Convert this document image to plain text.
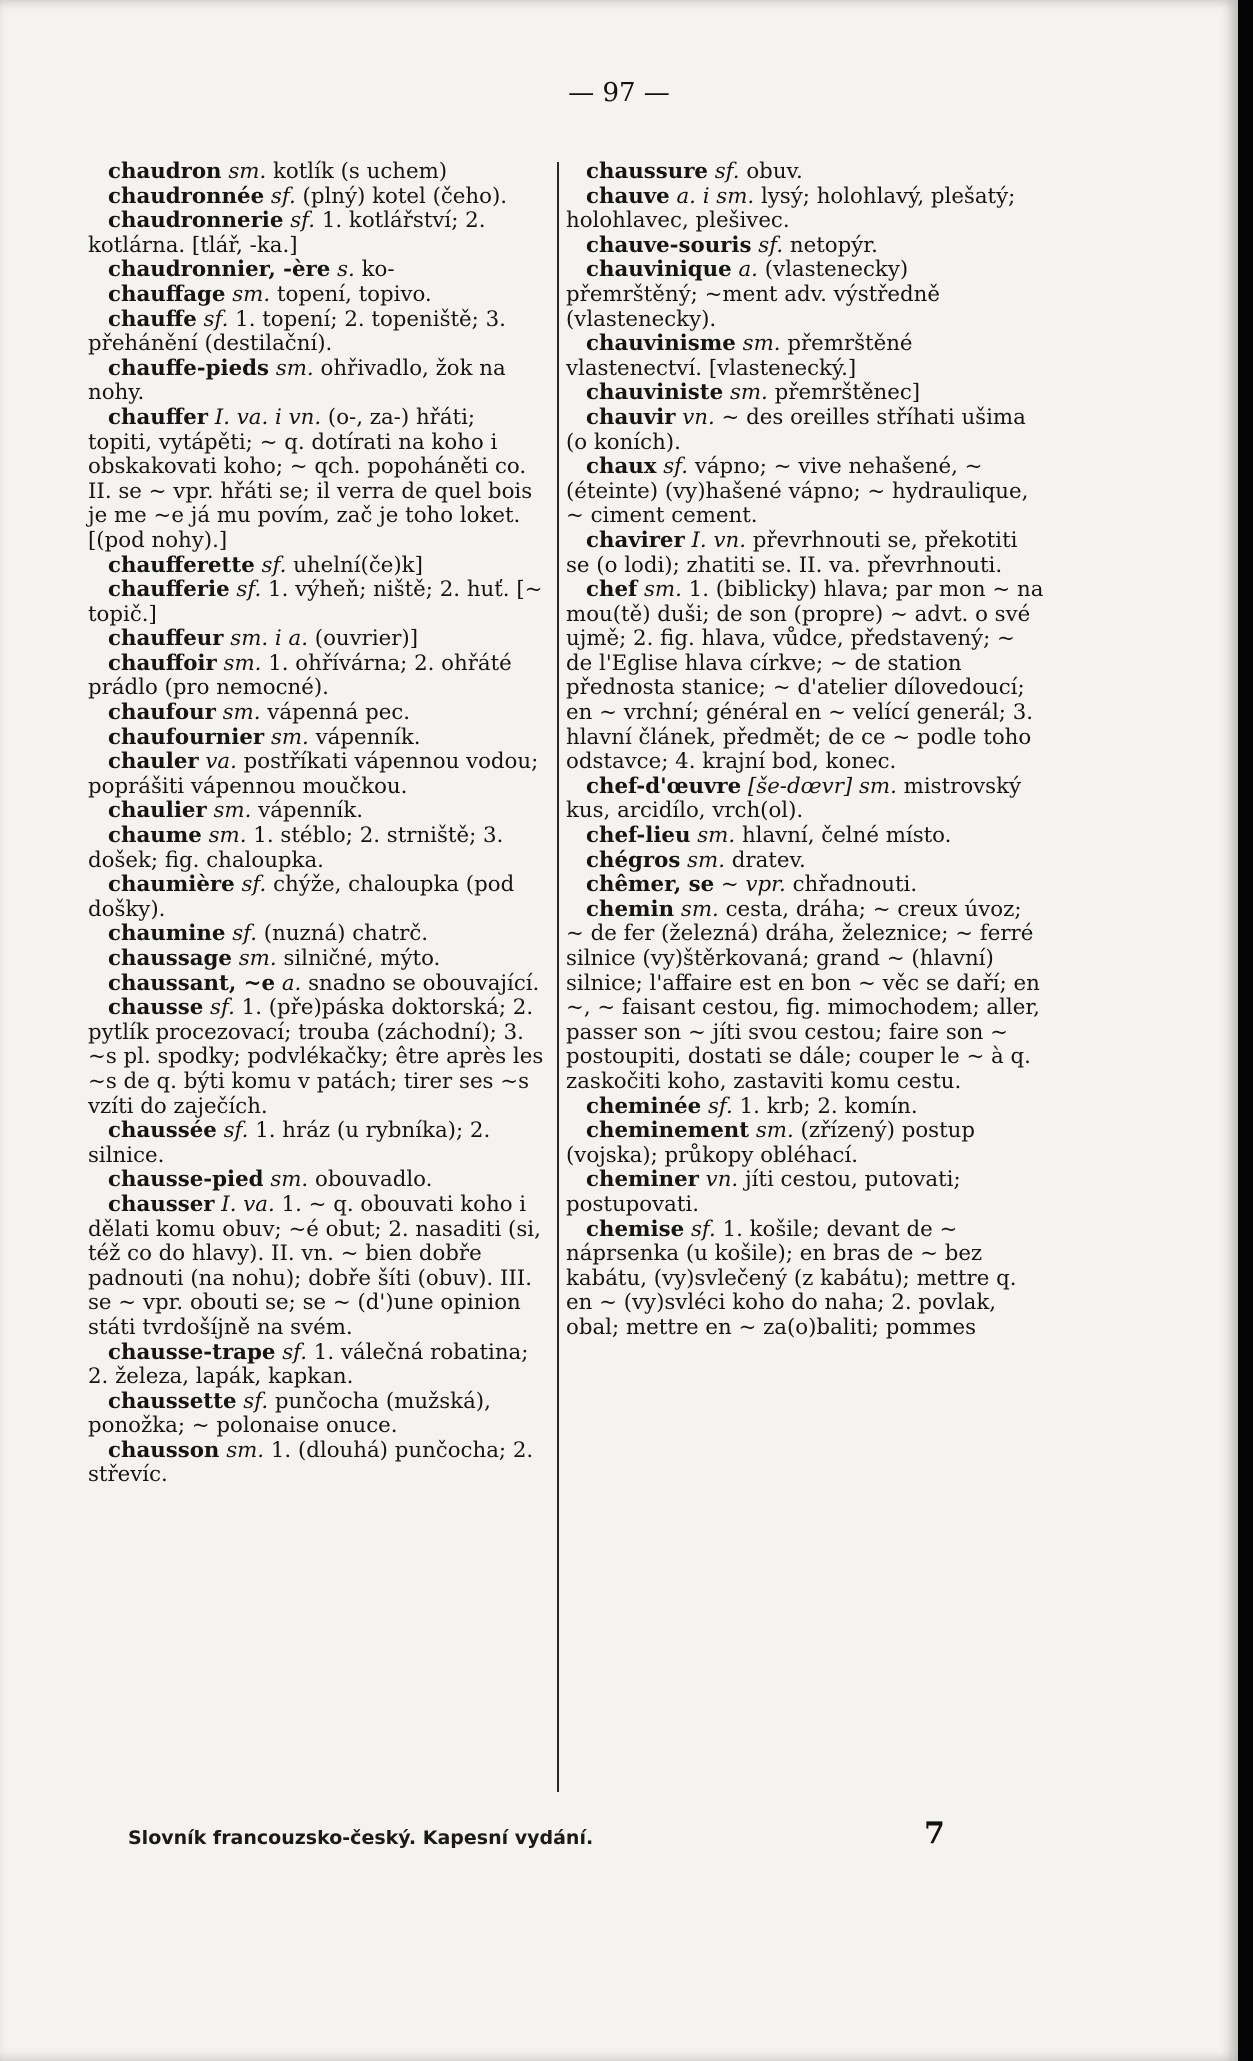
— 97 —

chaudron sm. kotlík (s uchem)

chaudronnée sf. (plný) kotel (čeho).

chaudronnerie sf. 1. kotlářství; 2. kotlárna. [tlář, -ka.]

chaudronnier, -ère s. ko-

chauffage sm. topení, topivo.

chauffe sf. 1. topení; 2. topeniště; 3. přehánění (destilační).

chauffe-pieds sm. ohřivadlo, žok na nohy.

chauffer I. va. i vn. (o-, za-) hřáti; topiti, vytápěti; ~ q. dotírati na koho i obskakovati koho; ~ qch. popoháněti co. II. se ~ vpr. hřáti se; il verra de quel bois je me ~e já mu povím, zač je toho loket. [(pod nohy).]

chaufferette sf. uhelní(če)k]

chaufferie sf. 1. výheň; niště; 2. huť. [~ topič.]

chauffeur sm. i a. (ouvrier)]

chauffoir sm. 1. ohřívárna; 2. ohřáté prádlo (pro nemocné).

chaufour sm. vápenná pec.

chaufournier sm. vápenník.

chauler va. postříkati vápennou vodou; poprášiti vápennou moučkou.

chaulier sm. vápenník.

chaume sm. 1. stéblo; 2. strniště; 3. došek; fig. chaloupka.

chaumière sf. chýže, chaloupka (pod došky).

chaumine sf. (nuzná) chatrč.

chaussage sm. silničné, mýto.

chaussant, ~e a. snadno se obouvající.

chausse sf. 1. (pře)páska doktorská; 2. pytlík procezovací; trouba (záchodní); 3. ~s pl. spodky; podvlékačky; être après les ~s de q. býti komu v patách; tirer ses ~s vzíti do zaječích.

chaussée sf. 1. hráz (u rybníka); 2. silnice.

chausse-pied sm. obouvadlo.

chausser I. va. 1. ~ q. obouvati koho i dělati komu obuv; ~é obut; 2. nasaditi (si, též co do hlavy). II. vn. ~ bien dobře padnouti (na nohu); dobře šíti (obuv). III. se ~ vpr. obouti se; se ~ (d')une opinion státi tvrdošíjně na svém.

chausse-trape sf. 1. válečná robatina; 2. železa, lapák, kapkan.

chaussette sf. punčocha (mužská), ponožka; ~ polonaise onuce.

chausson sm. 1. (dlouhá) punčocha; 2. střevíc.

chaussure sf. obuv.

chauve a. i sm. lysý; holohlavý, plešatý; holohlavec, plešivec.

chauve-souris sf. netopýr.

chauvinique a. (vlastenecky) přemrštěný; ~ment adv. výstředně (vlastenecky).

chauvinisme sm. přemrštěné vlastenectví. [vlastenecký.]

chauviniste sm. přemrštěnec]

chauvir vn. ~ des oreilles stříhati ušima (o koních).

chaux sf. vápno; ~ vive nehašené, ~ (éteinte) (vy)hašené vápno; ~ hydraulique, ~ ciment cement.

chavirer I. vn. převrhnouti se, překotiti se (o lodi); zhatiti se. II. va. převrhnouti.

chef sm. 1. (biblicky) hlava; par mon ~ na mou(tě) duši; de son (propre) ~ advt. o své ujmě; 2. fig. hlava, vůdce, představený; ~ de l'Eglise hlava církve; ~ de station přednosta stanice; ~ d'atelier dílovedoucí; en ~ vrchní; général en ~ velící generál; 3. hlavní článek, předmět; de ce ~ podle toho odstavce; 4. krajní bod, konec.

chef-d'œuvre [še-dœvr] sm. mistrovský kus, arcidílo, vrch(ol).

chef-lieu sm. hlavní, čelné místo.

chégros sm. dratev.

chêmer, se ~ vpr. chřadnouti.

chemin sm. cesta, dráha; ~ creux úvoz; ~ de fer (železná) dráha, železnice; ~ ferré silnice (vy)štěrkovaná; grand ~ (hlavní) silnice; l'affaire est en bon ~ věc se daří; en ~, ~ faisant cestou, fig. mimochodem; aller, passer son ~ jíti svou cestou; faire son ~ postoupiti, dostati se dále; couper le ~ à q. zaskočiti koho, zastaviti komu cestu.

cheminée sf. 1. krb; 2. komín.

cheminement sm. (zřízený) postup (vojska); průkopy obléhací.

cheminer vn. jíti cestou, putovati; postupovati.

chemise sf. 1. košile; devant de ~ náprsenka (u košile); en bras de ~ bez kabátu, (vy)svlečený (z kabátu); mettre q. en ~ (vy)svléci koho do naha; 2. povlak, obal; mettre en ~ za(o)baliti; pommes

Slovník francouzsko-český. Kapesní vydání.	7
